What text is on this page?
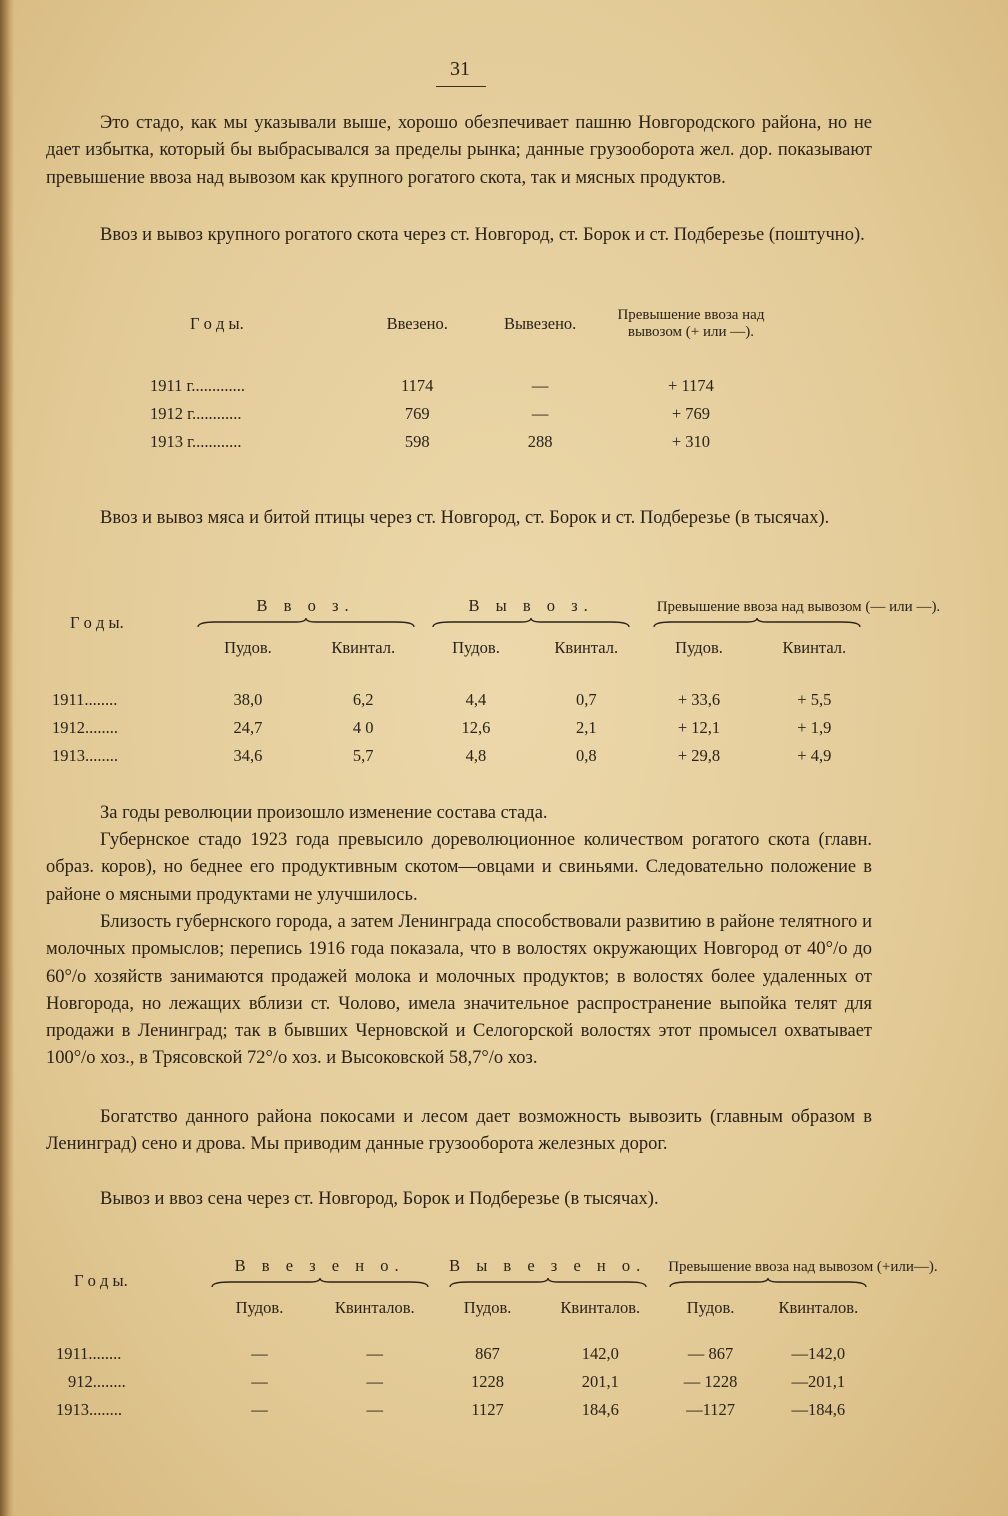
31

Это стадо, как мы указывали выше, хорошо обезпечивает пашню Новгородского района, но не дает избытка, который бы выбрасывался за пределы рынка; данные грузооборота жел. дор. показывают превышение ввоза над вывозом как крупного рогатого скота, так и мясных продуктов.

Ввоз и вывоз крупного рогатого скота через ст. Новгород, ст. Борок и ст. Подберезье (поштучно).

Г о д ы.	Ввезено.	Вывезено.	Превышение ввоза над вывозом (+ или —).

1911 г.............	1174	—	+ 1174
1912 г............	769	—	+ 769
1913 г............	598	288	+ 310

Ввоз и вывоз мяса и битой птицы через ст. Новгород, ст. Борок и ст. Подберезье (в тысячах).

Г о д ы.	В в о з.		В ы в о з.		Превышение ввоза над вывозом (— или —).	

	Пудов.	Квинтал.	Пудов.	Квинтал.	Пудов.	Квинтал.

1911........	38,0	6,2	4,4	0,7	+ 33,6	+ 5,5
1912........	24,7	4 0	12,6	2,1	+ 12,1	+ 1,9
1913........	34,6	5,7	4,8	0,8	+ 29,8	+ 4,9

За годы революции произошло изменение состава стада.

Губернское стадо 1923 года превысило дореволюционное количеством рогатого скота (главн. образ. коров), но беднее его продуктивным скотом—овцами и свиньями. Следовательно положение в районе о мясными продуктами не улучшилось.

Близость губернского города, а затем Ленинграда способствовали развитию в районе телятного и молочных промыслов; перепись 1916 года показала, что в волостях окружающих Новгород от 40°/о до 60°/о хозяйств занимаются продажей молока и молочных продуктов; в волостях более удаленных от Новгорода, но лежащих вблизи ст. Чолово, имела значительное распространение выпойка телят для продажи в Ленинград; так в бывших Черновской и Селогорской волостях этот промысел охватывает 100°/о хоз., в Трясовской 72°/о хоз. и Высоковской 58,7°/о хоз.

Богатство данного района покосами и лесом дает возможность вывозить (главным образом в Ленинград) сено и дрова. Мы приводим данные грузооборота железных дорог.

Вывоз и ввоз сена через ст. Новгород, Борок и Подберезье (в тысячах).

Г о д ы.	В в е з е н о.		В ы в е з е н о.		Превышение ввоза над вывозом (+или—).	

	Пудов.	Квинталов.	Пудов.	Квинталов.	Пудов.	Квинталов.

1911........	—	—	867	142,0	— 867	—142,0
912........	—	—	1228	201,1	— 1228	—201,1
1913........	—	—	1127	184,6	—1127	—184,6
